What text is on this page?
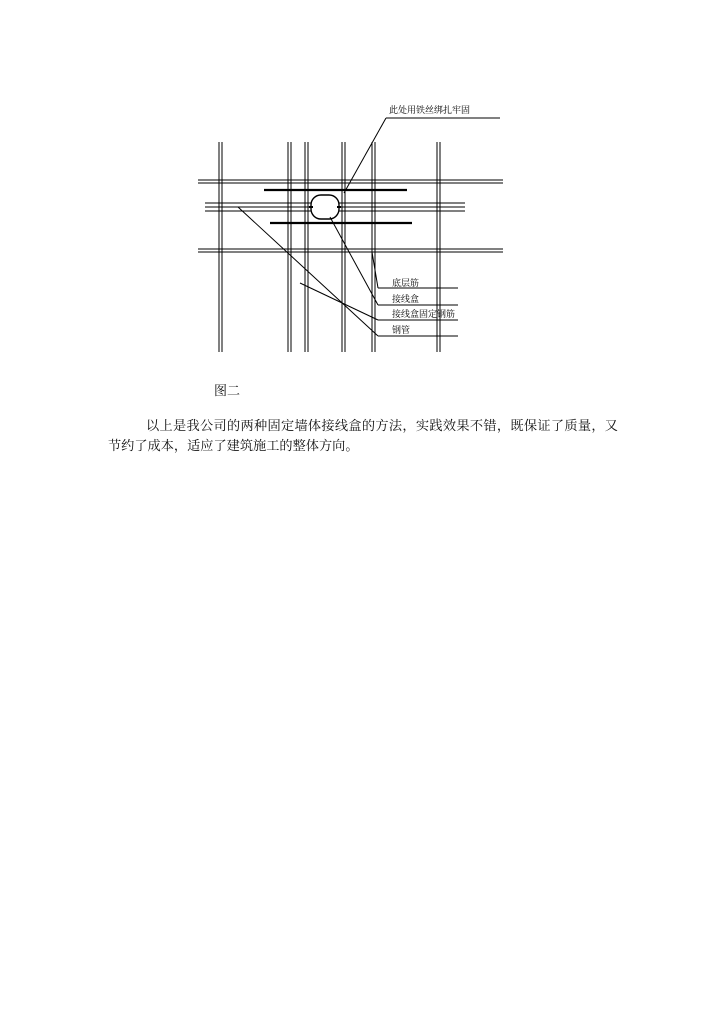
此处用铁丝绑扎牢固
底层筋
接线盒
接线盒固定钢筋
钢管
图二

以上是我公司的两种固定墙体接线盒的方法，实践效果不错，既保证了质量，又节约了成本，适应了建筑施工的整体方向。
